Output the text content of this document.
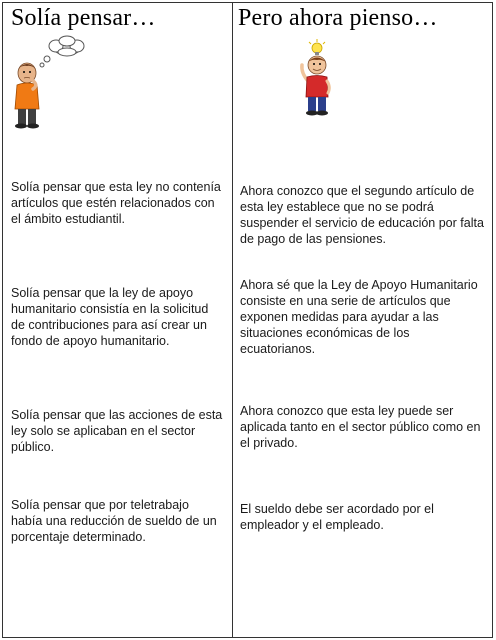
Solía pensar…
Solía pensar que esta ley no contenía artículos que estén relacionados con el ámbito estudiantil.
Solía pensar que la ley de apoyo humanitario consistía en la solicitud de contribuciones para así crear un fondo de apoyo humanitario.
Solía pensar que las acciones de esta ley solo se aplicaban en el sector público.
Solía pensar que por teletrabajo había una reducción de sueldo de un porcentaje determinado.
Pero ahora pienso…
Ahora conozco que el segundo artículo de esta ley establece que no se podrá suspender el servicio de educación por falta de pago de las pensiones.
Ahora sé que la Ley de Apoyo Humanitario consiste en una serie de artículos que exponen medidas para ayudar a las situaciones económicas de los ecuatorianos.
Ahora conozco que esta ley puede ser aplicada tanto en el sector público como en el privado.
El sueldo debe ser acordado por el empleador y el empleado.
